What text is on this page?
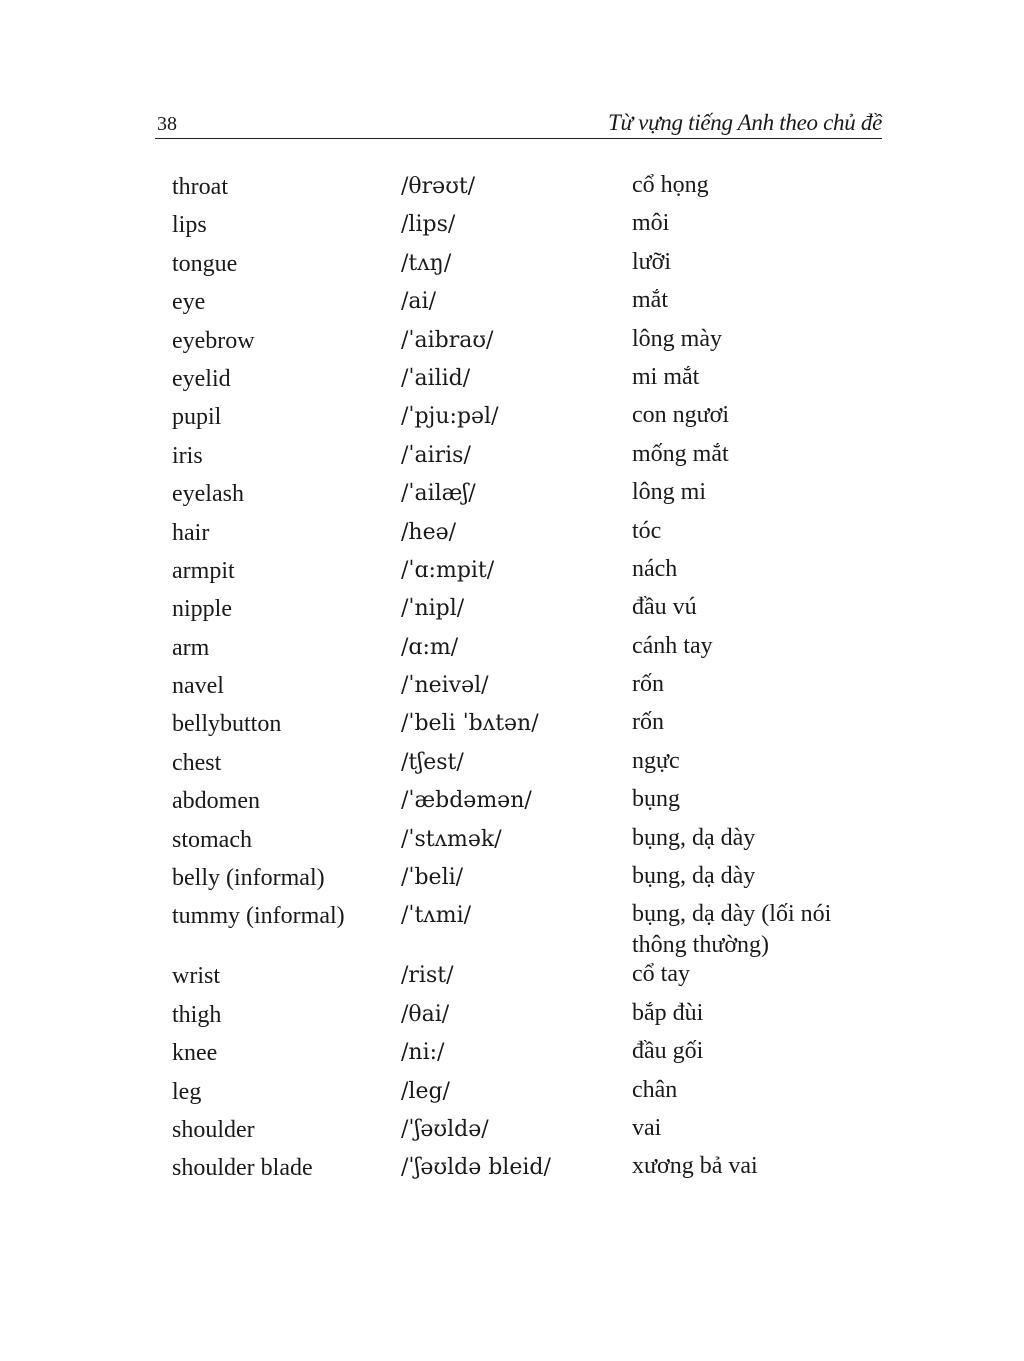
38	Từ vựng tiếng Anh theo chủ đề
throat	/θrəʊt/	cổ họng
lips	/lips/	môi
tongue	/tʌŋ/	lưỡi
eye	/ai/	mắt
eyebrow	/ˈaibraʊ/	lông mày
eyelid	/ˈailid/	mi mắt
pupil	/ˈpju:pəl/	con ngươi
iris	/ˈairis/	mống mắt
eyelash	/ˈailæʃ/	lông mi
hair	/heə/	tóc
armpit	/ˈɑ:mpit/	nách
nipple	/ˈnipl/	đầu vú
arm	/ɑ:m/	cánh tay
navel	/ˈneivəl/	rốn
bellybutton	/ˈbeli ˈbʌtən/	rốn
chest	/tʃest/	ngực
abdomen	/ˈæbdəmən/	bụng
stomach	/ˈstʌmək/	bụng, dạ dày
belly (informal)	/ˈbeli/	bụng, dạ dày
tummy (informal)	/ˈtʌmi/	bụng, dạ dày (lối nói thông thường)
wrist	/rist/	cổ tay
thigh	/θai/	bắp đùi
knee	/ni:/	đầu gối
leg	/leg/	chân
shoulder	/ˈʃəʊldə/	vai
shoulder blade	/ˈʃəʊldə bleid/	xương bả vai
